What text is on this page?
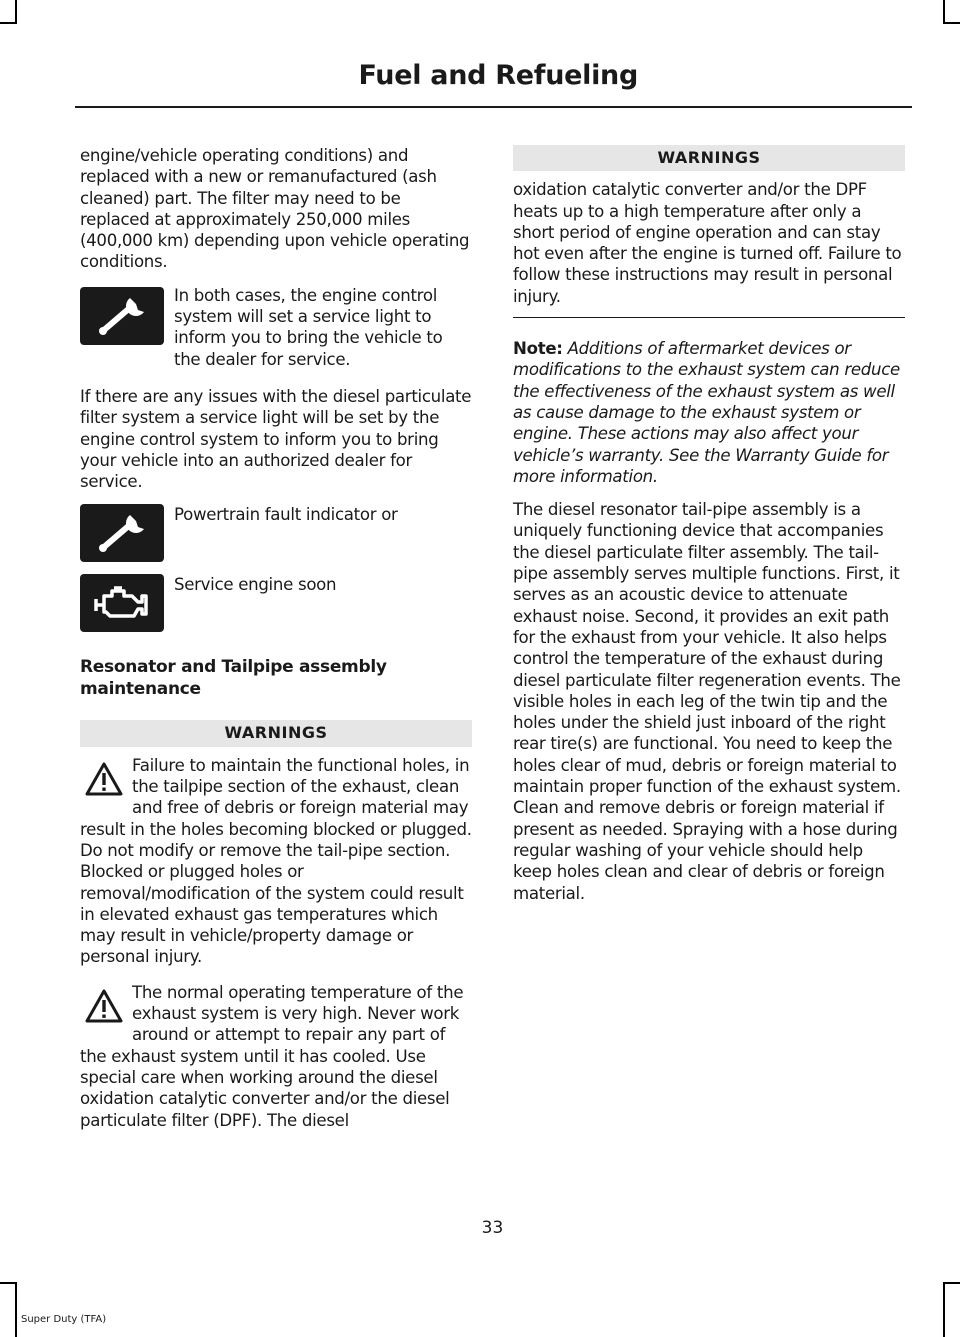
Fuel and Refueling

engine/vehicle operating conditions) and replaced with a new or remanufactured (ash cleaned) part. The filter may need to be replaced at approximately 250,000 miles (400,000 km) depending upon vehicle operating conditions.

In both cases, the engine control system will set a service light to inform you to bring the vehicle to the dealer for service.

If there are any issues with the diesel particulate filter system a service light will be set by the engine control system to inform you to bring your vehicle into an authorized dealer for service.

Powertrain fault indicator or
Service engine soon
Resonator and Tailpipe assembly maintenance
WARNINGS
Failure to maintain the functional holes, in the tailpipe section of the exhaust, clean and free of debris or foreign material may result in the holes becoming blocked or plugged. Do not modify or remove the tail-pipe section. Blocked or plugged holes or removal/modification of the system could result in elevated exhaust gas temperatures which may result in vehicle/property damage or personal injury.
The normal operating temperature of the exhaust system is very high. Never work around or attempt to repair any part of the exhaust system until it has cooled. Use special care when working around the diesel oxidation catalytic converter and/or the diesel particulate filter (DPF). The diesel
WARNINGS

oxidation catalytic converter and/or the DPF heats up to a high temperature after only a short period of engine operation and can stay hot even after the engine is turned off. Failure to follow these instructions may result in personal injury.

Note: Additions of aftermarket devices or modifications to the exhaust system can reduce the effectiveness of the exhaust system as well as cause damage to the exhaust system or engine. These actions may also affect your vehicle’s warranty. See the Warranty Guide for more information.

The diesel resonator tail-pipe assembly is a uniquely functioning device that accompanies the diesel particulate filter assembly. The tail-pipe assembly serves multiple functions. First, it serves as an acoustic device to attenuate exhaust noise. Second, it provides an exit path for the exhaust from your vehicle. It also helps control the temperature of the exhaust during diesel particulate filter regeneration events. The visible holes in each leg of the twin tip and the holes under the shield just inboard of the right rear tire(s) are functional. You need to keep the holes clear of mud, debris or foreign material to maintain proper function of the exhaust system. Clean and remove debris or foreign material if present as needed. Spraying with a hose during regular washing of your vehicle should help keep holes clean and clear of debris or foreign material.

33
Super Duty (TFA)
